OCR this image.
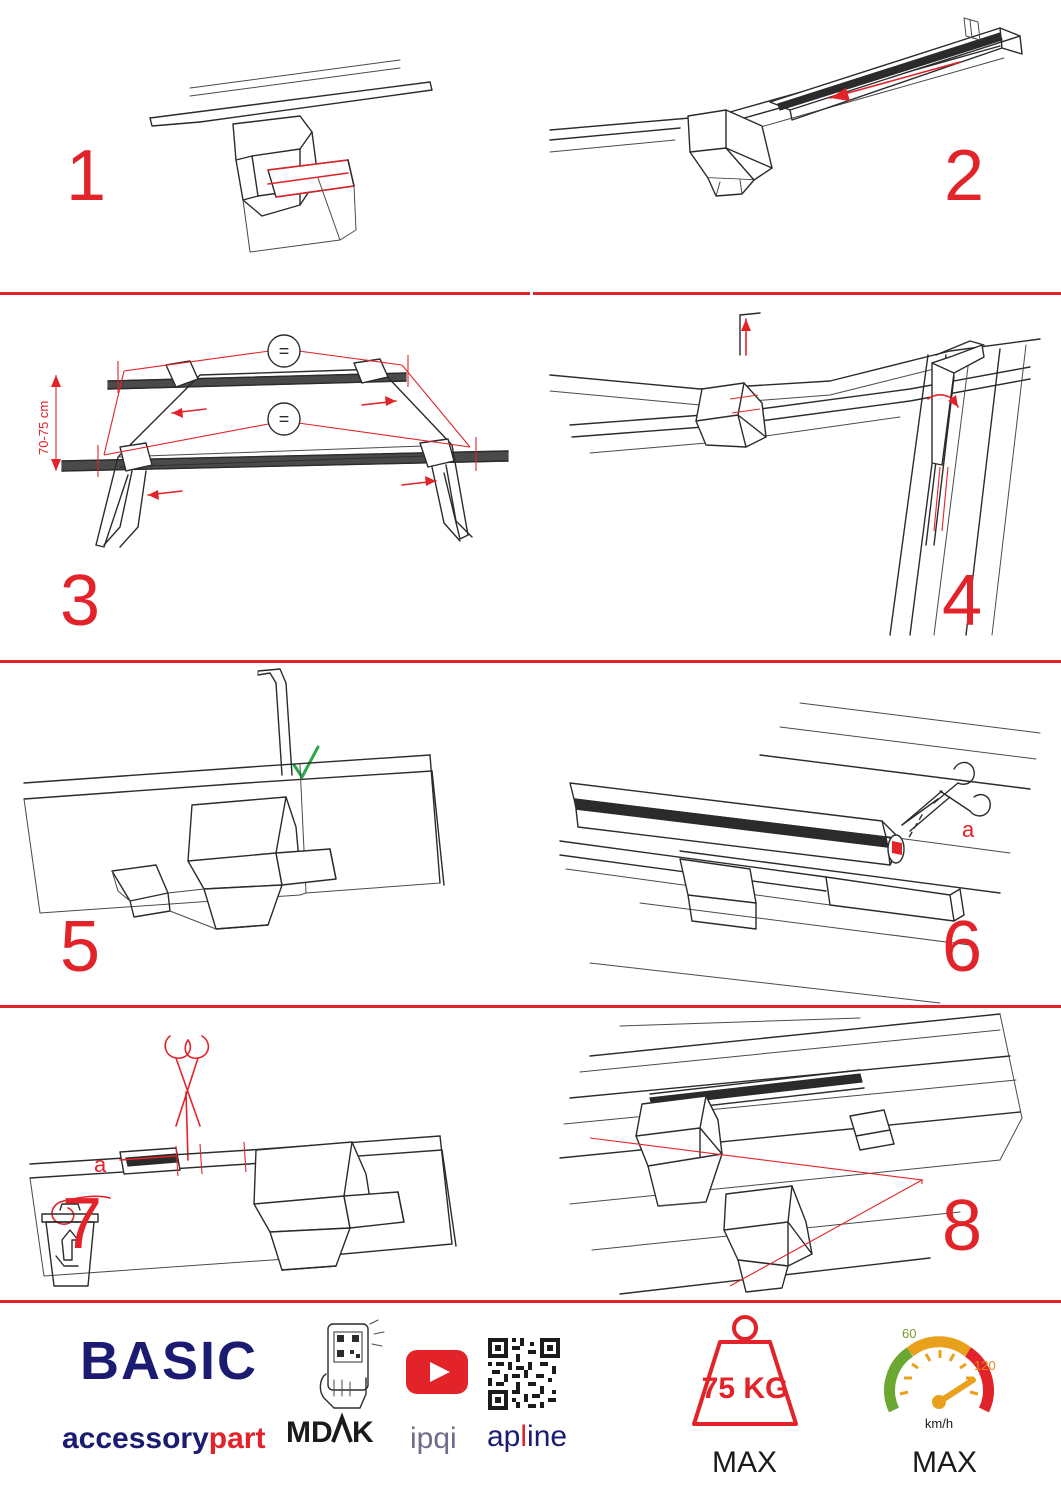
1	2
=
=
70-75 cm
3	4
5
a
6
a
7	8
BASIC
accessorypart MD K ipqi apline
75 KG
MAX
60
120
km/h
MAX
